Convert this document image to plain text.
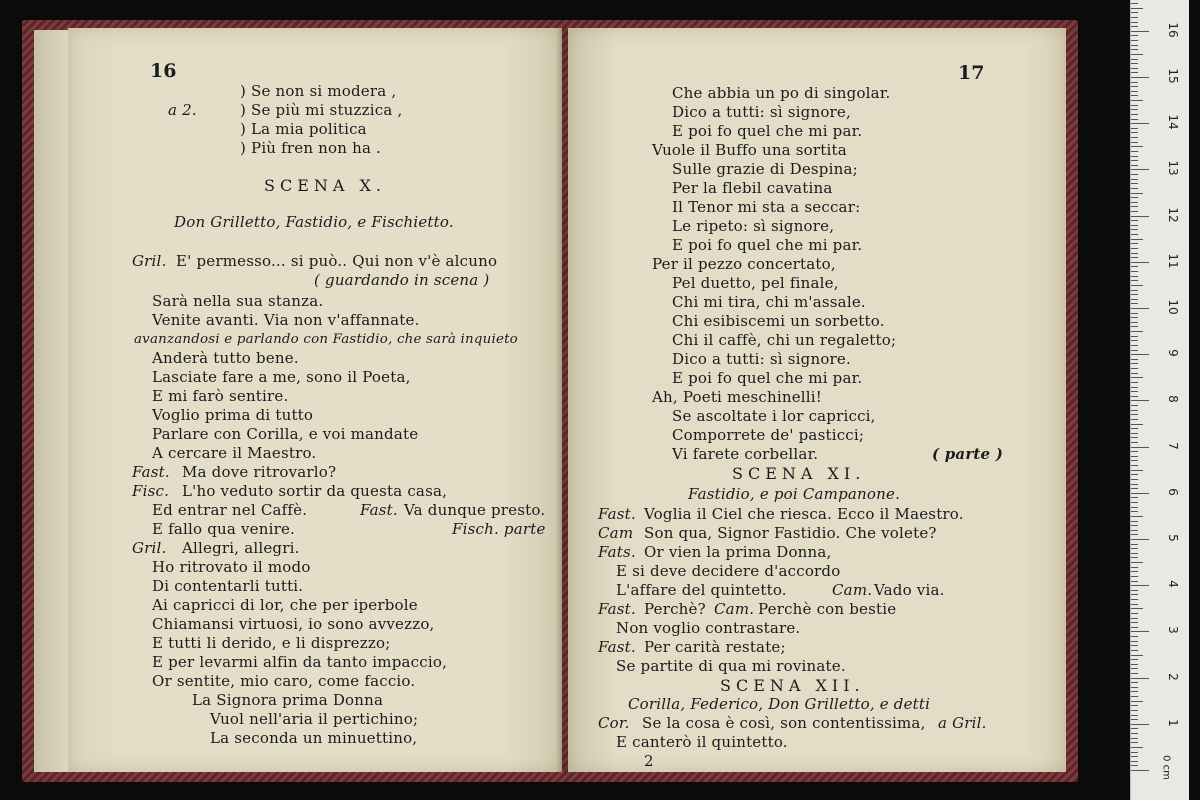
16
) Se non si modera ,
a 2.	) Se più mi stuzzica ,
) La mia politica
) Più fren non ha .
SCENA X.
Don Grilletto, Fastidio, e Fischietto.
Gril. E' permesso... si può.. Qui non v'è alcuno
( guardando in scena )
Sarà nella sua stanza.
Venite avanti. Via non v'affannate.
avanzandosi e parlando con Fastidio, che sarà inquieto
Anderà tutto bene.
Lasciate fare a me, sono il Poeta,
E mi farò sentire.
Voglio prima di tutto
Parlare con Corilla, e voi mandate
A cercare il Maestro.
Fast. Ma dove ritrovarlo?
Fisc. L'ho veduto sortir da questa casa,
Ed entrar nel Caffè.	Fast. Va dunque presto.
E fallo qua venire.	Fisch. parte
Gril. Allegri, allegri.
Ho ritrovato il modo
Di contentarli tutti.
Ai capricci di lor, che per iperbole
Chiamansi virtuosi, io sono avvezzo,
E tutti li derido, e li disprezzo;
E per levarmi alfin da tanto impaccio,
Or sentite, mio caro, come faccio.
La Signora prima Donna
Vuol nell'aria il pertichino;
La seconda un minuettino,
17
Che abbia un po di singolar.
Dico a tutti: sì signore,
E poi fo quel che mi par.
Vuole il Buffo una sortita
Sulle grazie di Despina;
Per la flebil cavatina
Il Tenor mi sta a seccar:
Le ripeto: sì signore,
E poi fo quel che mi par.
Per il pezzo concertato,
Pel duetto, pel finale,
Chi mi tira, chi m'assale.
Chi esibiscemi un sorbetto.
Chi il caffè, chi un regaletto;
Dico a tutti: sì signore.
E poi fo quel che mi par.
Ah, Poeti meschinelli!
Se ascoltate i lor capricci,
Comporrete de' pasticci;
Vi farete corbellar.	( parte )
SCENA XI.
Fastidio, e poi Campanone.
Fast. Voglia il Ciel che riesca. Ecco il Maestro.
Cam Son qua, Signor Fastidio. Che volete?
Fats. Or vien la prima Donna,
E si deve decidere d'accordo
L'affare del quintetto.	Cam. Vado via.
Fast. Perchè? Cam. Perchè con bestie
Non voglio contrastare.
Fast. Per carità restate;
Se partite di qua mi rovinate.
SCENA XII.
Corilla, Federico, Don Grilletto, e detti
Cor. Se la cosa è così, son contentissima, a Gril.
E canterò il quintetto.
2	0 cm
1
2
3
4
5
6
7
8
9
10
11
12
13
14
15
16
